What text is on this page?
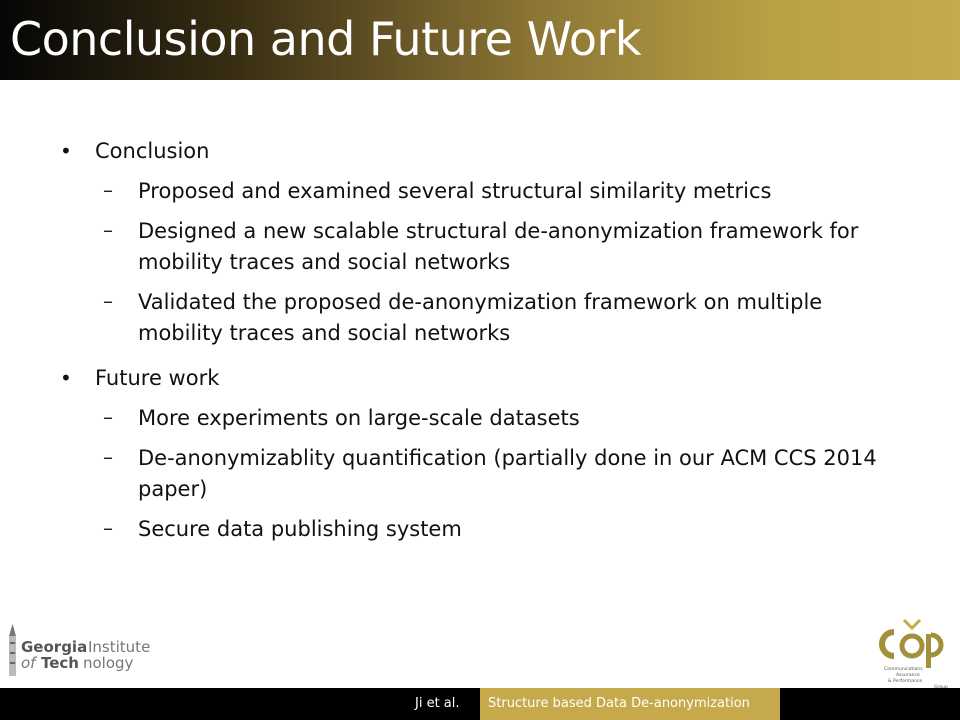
Conclusion and Future Work
• Conclusion
– Proposed and examined several structural similarity metrics
– Designed a new scalable structural de-anonymization framework for mobility traces and social networks
– Validated the proposed de-anonymization framework on multiple mobility traces and social networks
• Future work
– More experiments on large-scale datasets
– De-anonymizablity quantification (partially done in our ACM CCS 2014 paper)
– Secure data publishing system
Georgia Institute
of Tech nology	Communications
Assurance
& Performance
Ji et al. Structure based Data De-anonymization
